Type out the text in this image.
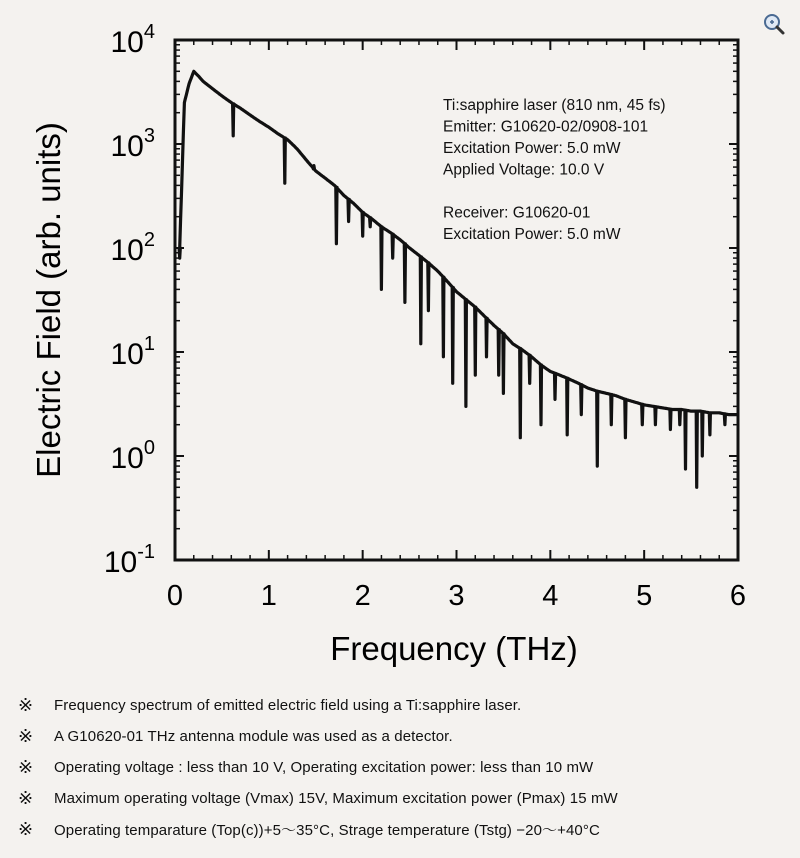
$10^4$
$10^3$
$10^2$
$10^1$
$10^0$
$10^{-1}$
0	1	2	3	4	5	6
Ti:sapphire laser (810 nm, 45 fs)
Emitter: G10620-02/0908-101
Excitation Power: 5.0 mW
Applied Voltage: 10.0 V
Receiver: G10620-01
Excitation Power: 5.0 mW
Electric Field (arb. units)
Frequency (THz)
※	Frequency spectrum of emitted electric field using a Ti:sapphire laser.
※	A G10620-01 THz antenna module was used as a detector.
※	Operating voltage : less than 10 V, Operating excitation power: less than 10 mW
※	Maximum operating voltage (Vmax) 15V, Maximum excitation power (Pmax) 15 mW
※	Operating temparature (Top(c))+5～35°C, Strage temperature (Tstg) −20～+40°C
